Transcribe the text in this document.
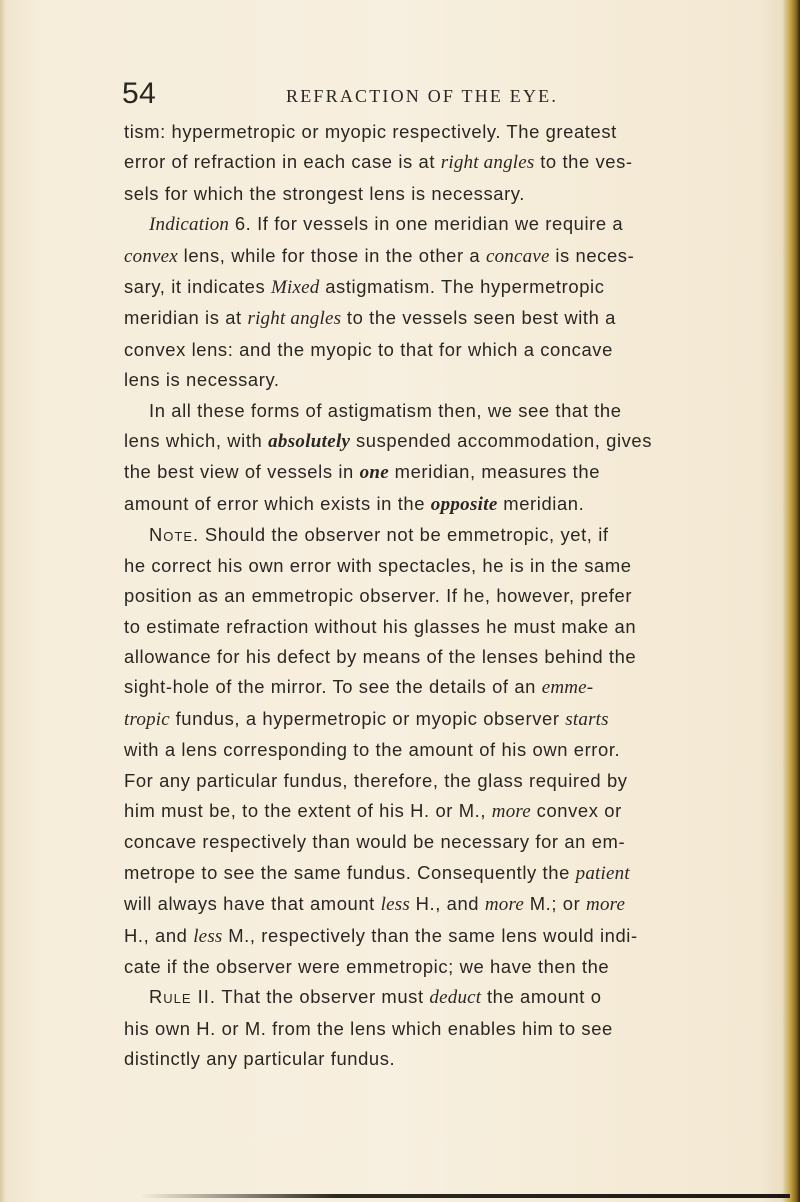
54	REFRACTION OF THE EYE.
tism: hypermetropic or myopic respectively. The greatest
error of refraction in each case is at right angles to the ves-
sels for which the strongest lens is necessary.
Indication 6. If for vessels in one meridian we require a
convex lens, while for those in the other a concave is neces-
sary, it indicates Mixed astigmatism. The hypermetropic
meridian is at right angles to the vessels seen best with a
convex lens: and the myopic to that for which a concave
lens is necessary.
In all these forms of astigmatism then, we see that the
lens which, with absolutely suspended accommodation, gives
the best view of vessels in one meridian, measures the
amount of error which exists in the opposite meridian.
Note. Should the observer not be emmetropic, yet, if
he correct his own error with spectacles, he is in the same
position as an emmetropic observer. If he, however, prefer
to estimate refraction without his glasses he must make an
allowance for his defect by means of the lenses behind the
sight-hole of the mirror. To see the details of an emme-
tropic fundus, a hypermetropic or myopic observer starts
with a lens corresponding to the amount of his own error.
For any particular fundus, therefore, the glass required by
him must be, to the extent of his H. or M., more convex or
concave respectively than would be necessary for an em-
metrope to see the same fundus. Consequently the patient
will always have that amount less H., and more M.; or more
H., and less M., respectively than the same lens would indi-
cate if the observer were emmetropic; we have then the
Rule II. That the observer must deduct the amount o
his own H. or M. from the lens which enables him to see
distinctly any particular fundus.
